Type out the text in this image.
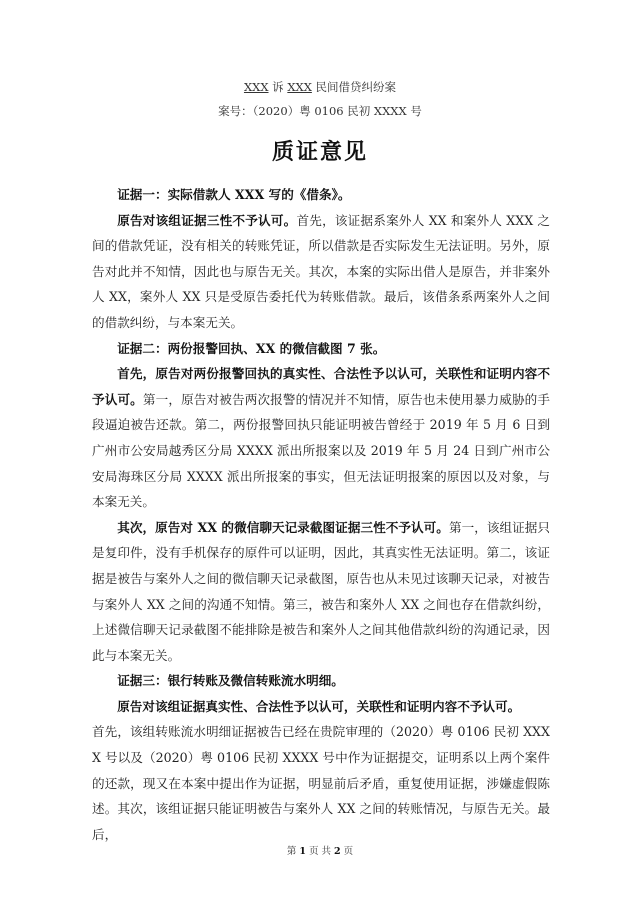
XXX 诉 XXX 民间借贷纠纷案
案号：（2020）粤 0106 民初 XXXX 号
质证意见

证据一：实际借款人 XXX 写的《借条》。

原告对该组证据三性不予认可。首先，该证据系案外人 XX 和案外人 XXX 之间的借款凭证，没有相关的转账凭证，所以借款是否实际发生无法证明。另外，原告对此并不知情，因此也与原告无关。其次，本案的实际出借人是原告，并非案外人 XX，案外人 XX 只是受原告委托代为转账借款。最后，该借条系两案外人之间的借款纠纷，与本案无关。

证据二：两份报警回执、XX 的微信截图 7 张。

首先，原告对两份报警回执的真实性、合法性予以认可，关联性和证明内容不予认可。第一，原告对被告两次报警的情况并不知情，原告也未使用暴力威胁的手段逼迫被告还款。第二，两份报警回执只能证明被告曾经于 2019 年 5 月 6 日到广州市公安局越秀区分局 XXXX 派出所报案以及 2019 年 5 月 24 日到广州市公安局海珠区分局 XXXX 派出所报案的事实，但无法证明报案的原因以及对象，与本案无关。

其次，原告对 XX 的微信聊天记录截图证据三性不予认可。第一，该组证据只是复印件，没有手机保存的原件可以证明，因此，其真实性无法证明。第二，该证据是被告与案外人之间的微信聊天记录截图，原告也从未见过该聊天记录，对被告与案外人 XX 之间的沟通不知情。第三，被告和案外人 XX 之间也存在借款纠纷，上述微信聊天记录截图不能排除是被告和案外人之间其他借款纠纷的沟通记录，因此与本案无关。

证据三：银行转账及微信转账流水明细。

原告对该组证据真实性、合法性予以认可，关联性和证明内容不予认可。

首先，该组转账流水明细证据被告已经在贵院审理的（2020）粤 0106 民初 XXXX 号以及（2020）粤 0106 民初 XXXX 号中作为证据提交，证明系以上两个案件的还款，现又在本案中提出作为证据，明显前后矛盾，重复使用证据，涉嫌虚假陈述。其次，该组证据只能证明被告与案外人 XX 之间的转账情况，与原告无关。最后，

第 1 页 共 2 页
